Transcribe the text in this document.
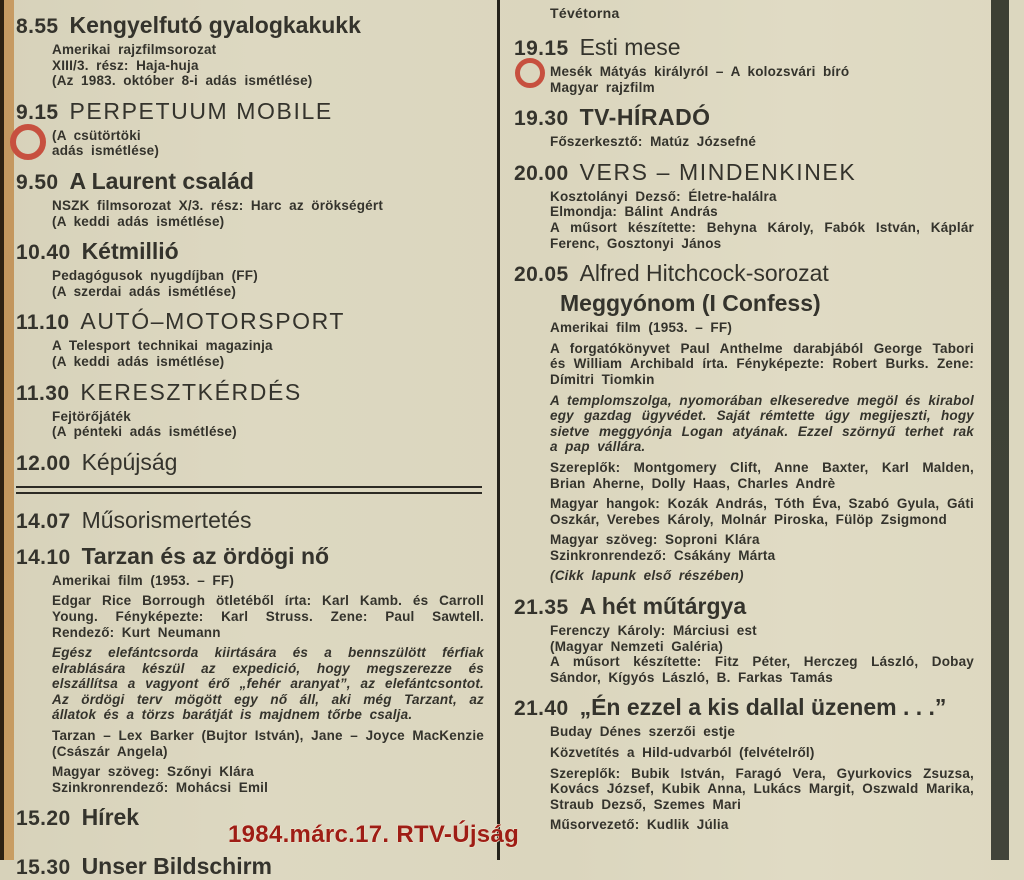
8.55 Kengyelfutó gyalogkakukk
Amerikai rajzfilmsorozat
XIII/3. rész: Haja-huja
(Az 1983. október 8-i adás ismétlése)
9.15 PERPETUUM MOBILE
(A csütörtöki
adás ismétlése)
9.50 A Laurent család
NSZK filmsorozat X/3. rész: Harc az örökségért
(A keddi adás ismétlése)
10.40 Kétmillió
Pedagógusok nyugdíjban (FF)
(A szerdai adás ismétlése)
11.10 AUTÓ–MOTORSPORT
A Telesport technikai magazinja
(A keddi adás ismétlése)
11.30 KERESZTKÉRDÉS
Fejtörőjáték
(A pénteki adás ismétlése)
12.00 Képújság
14.07 Műsorismertetés
14.10 Tarzan és az ördögi nő
Amerikai film (1953. – FF)
Edgar Rice Borrough ötletéből írta: Karl Kamb. és Carroll Young. Fényképezte: Karl Struss. Zene: Paul Sawtell. Rendező: Kurt Neumann
Egész elefántcsorda kiirtására és a bennszülött férfiak elrablására készül az expedició, hogy megszerezze és elszállítsa a vagyont érő „fehér aranyat”, az elefántcsontot. Az ördögi terv mögött egy nő áll, aki még Tarzant, az állatok és a törzs barátját is majdnem tőrbe csalja.
Tarzan – Lex Barker (Bujtor István), Jane – Joyce MacKenzie (Császár Angela)
Magyar szöveg: Szőnyi Klára
Szinkronrendező: Mohácsi Emil
15.20 Hírek
Tévétorna
19.15 Esti mese
Mesék Mátyás királyról – A kolozsvári bíró
Magyar rajzfilm
19.30 TV-HÍRADÓ
Főszerkesztő: Matúz Józsefné
20.00 VERS – MINDENKINEK
Kosztolányi Dezső: Életre-halálra
Elmondja: Bálint András
A műsort készítette: Behyna Károly, Fabók István, Káplár Ferenc, Gosztonyi János
20.05 Alfred Hitchcock-sorozat
Meggyónom (I Confess)
Amerikai film (1953. – FF)
A forgatókönyvet Paul Anthelme darabjából George Tabori és William Archibald írta. Fényképezte: Robert Burks. Zene: Dímitri Tiomkin
A templomszolga, nyomorában elkeseredve megöl és kirabol egy gazdag ügyvédet. Saját rémtette úgy megijeszti, hogy sietve meggyónja Logan atyának. Ezzel szörnyű terhet rak a pap vállára.
Szereplők: Montgomery Clift, Anne Baxter, Karl Malden, Brian Aherne, Dolly Haas, Charles Andrè
Magyar hangok: Kozák András, Tóth Éva, Szabó Gyula, Gáti Oszkár, Verebes Károly, Molnár Piroska, Fülöp Zsigmond
Magyar szöveg: Soproni Klára
Szinkronrendező: Csákány Márta
(Cikk lapunk első részében)
21.35 A hét műtárgya
Ferenczy Károly: Márciusi est
(Magyar Nemzeti Galéria)
A műsort készítette: Fitz Péter, Herczeg László, Dobay Sándor, Kígyós László, B. Farkas Tamás
21.40 „Én ezzel a kis dallal üzenem . . .”
Buday Dénes szerzői estje
Közvetítés a Hild-udvarból (felvételről)
Szereplők: Bubik István, Faragó Vera, Gyurkovics Zsuzsa, Kovács József, Kubik Anna, Lukács Margit, Oszwald Marika, Straub Dezső, Szemes Mari
Műsorvezető: Kudlik Júlia
1984.márc.17. RTV-Újság
15.30 Unser Bildschirm
